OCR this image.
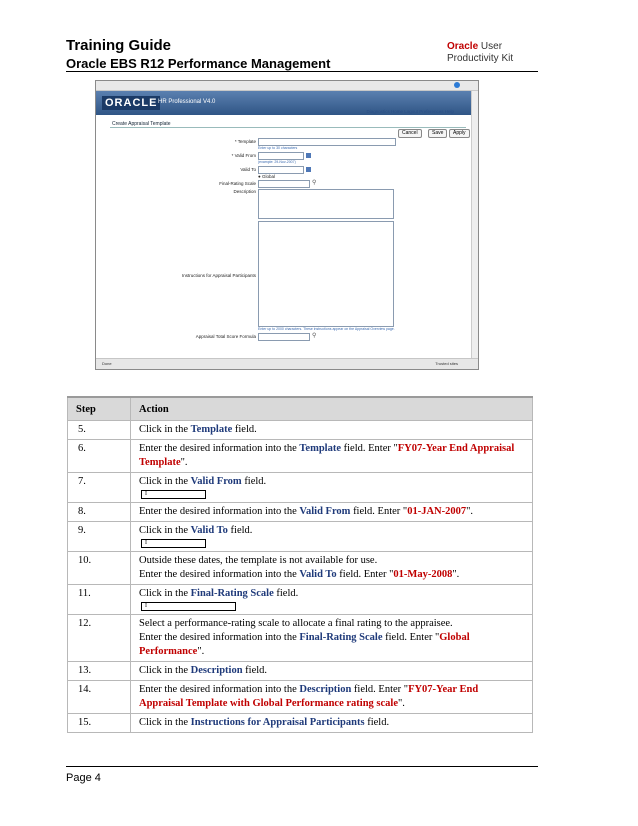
Training Guide
Oracle EBS R12 Performance Management
Oracle User
Productivity Kit
ORACLE HR Professional V4.0
Diagnostics Home Logout Preferences Help
Create Appraisal Template
Cancel	Save	Apply
* Template
Enter up to 30 characters
* Valid From
(example: 29-Nov-2007)
Valid To
● Global
Final-Rating Scale	⚲
Description
Instructions for Appraisal Participants
Enter up to 2000 characters. These instructions appear on the Appraisal Overview page.
Appraisal Total Score Formula	⚲
Done	Trusted sites
Step	Action
5.	Click in the Template field.
6.	Enter the desired information into the Template field. Enter "FY07-Year End Appraisal Template".
7.	Click in the Valid From field.
I

8.	Enter the desired information into the Valid From field. Enter "01-JAN-2007".
9.	Click in the Valid To field.
I

10.	Outside these dates, the template is not available for use.
Enter the desired information into the Valid To field. Enter "01-May-2008".
11.	Click in the Final-Rating Scale field.
I

12.	Select a performance-rating scale to allocate a final rating to the appraisee.
Enter the desired information into the Final-Rating Scale field. Enter "Global Performance".
13.	Click in the Description field.
14.	Enter the desired information into the Description field. Enter "FY07-Year End Appraisal Template with Global Performance rating scale".
15.	Click in the Instructions for Appraisal Participants field.
Page 4
